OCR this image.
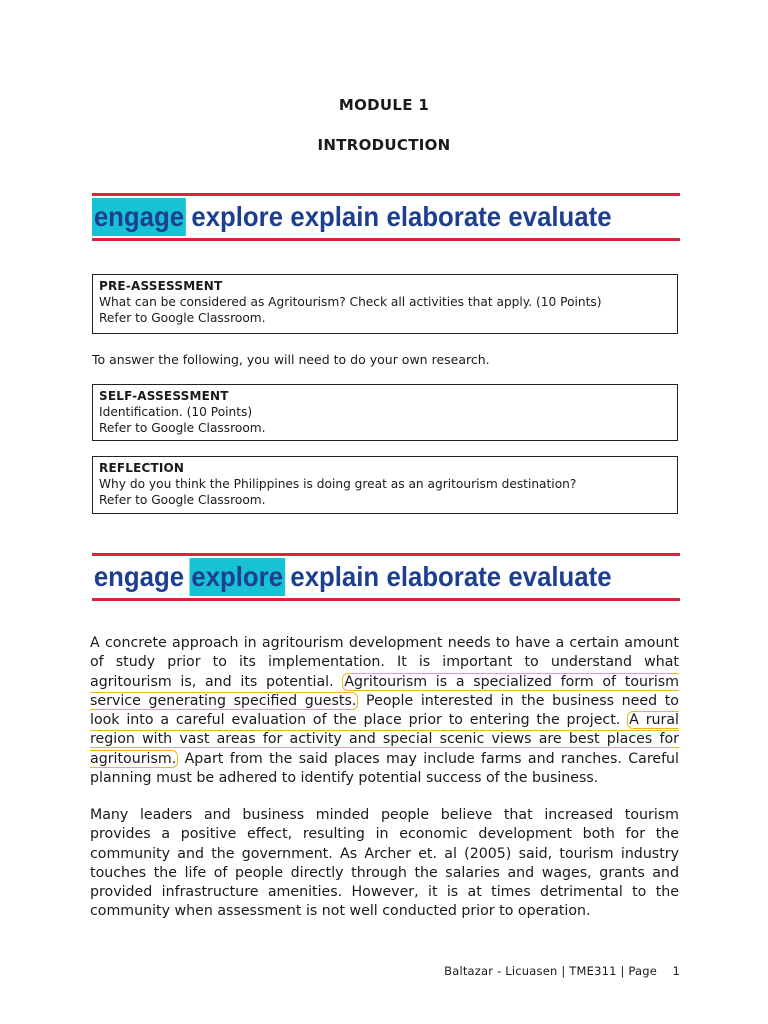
MODULE 1
INTRODUCTION
engage explore explain elaborate evaluate
PRE-ASSESSMENT
What can be considered as Agritourism? Check all activities that apply. (10 Points)
Refer to Google Classroom.
To answer the following, you will need to do your own research.
SELF-ASSESSMENT
Identification. (10 Points)
Refer to Google Classroom.
REFLECTION
Why do you think the Philippines is doing great as an agritourism destination?
Refer to Google Classroom.
engage explore explain elaborate evaluate
A concrete approach in agritourism development needs to have a certain amount of study prior to its implementation. It is important to understand what agritourism is, and its potential. Agritourism is a specialized form of tourism service generating specified guests. People interested in the business need to look into a careful evaluation of the place prior to entering the project. A rural region with vast areas for activity and special scenic views are best places for agritourism. Apart from the said places may include farms and ranches. Careful planning must be adhered to identify potential success of the business.
Many leaders and business minded people believe that increased tourism provides a positive effect, resulting in economic development both for the community and the government. As Archer et. al (2005) said, tourism industry touches the life of people directly through the salaries and wages, grants and provided infrastructure amenities. However, it is at times detrimental to the community when assessment is not well conducted prior to operation.
Baltazar - Licuasen | TME311 | Page    1
